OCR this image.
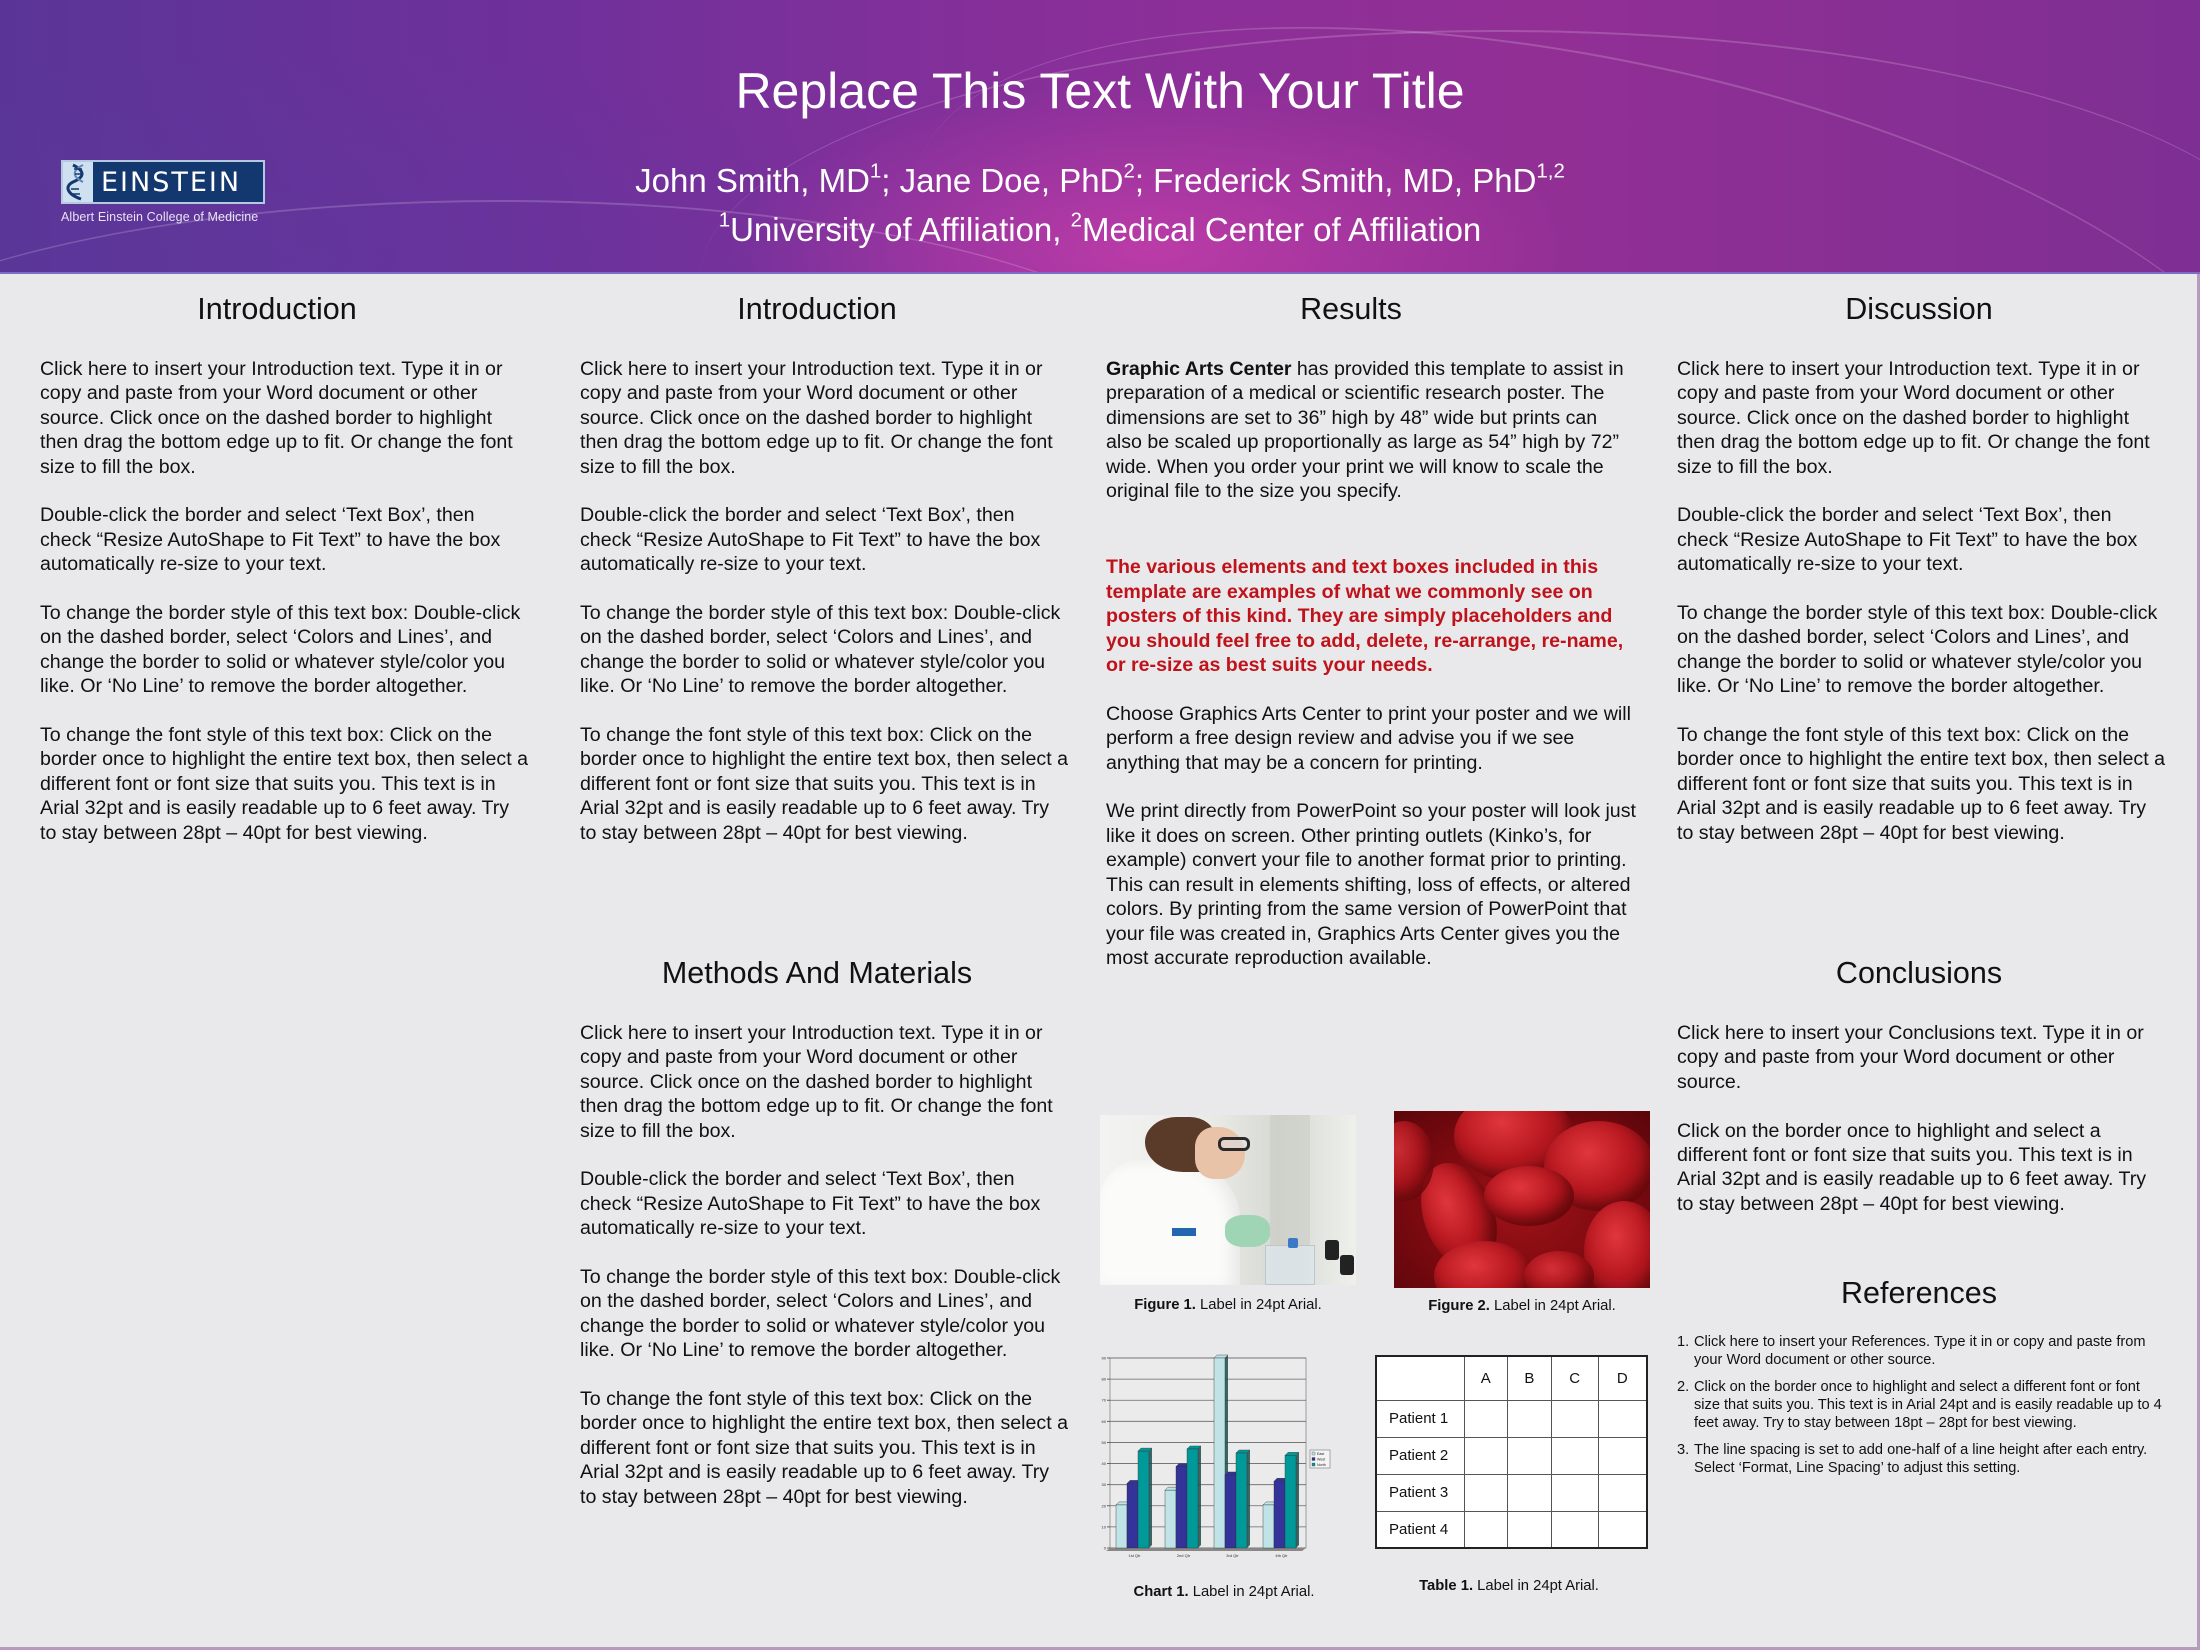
EINSTEIN
Albert Einstein College of Medicine
Replace This Text With Your Title
John Smith, $MD^1$; Jane Doe, PhD$^2$; Frederick Smith, MD, PhD$^{1,2}$
$^1$University of Affiliation, $^2$Medical Center of Affiliation
Introduction

Click here to insert your Introduction text. Type it in or copy and paste from your Word document or other source. Click once on the dashed border to highlight then drag the bottom edge up to fit. Or change the font size to fill the box.

Double-click the border and select ‘Text Box’, then check “Resize AutoShape to Fit Text” to have the box automatically re-size to your text.

To change the border style of this text box: Double-click on the dashed border, select ‘Colors and Lines’, and change the border to solid or whatever style/color you like. Or ‘No Line’ to remove the border altogether.

To change the font style of this text box: Click on the border once to highlight the entire text box, then select a different font or font size that suits you. This text is in Arial 32pt and is easily readable up to 6 feet away. Try to stay between 28pt – 40pt for best viewing.

Introduction

Click here to insert your Introduction text. Type it in or copy and paste from your Word document or other source. Click once on the dashed border to highlight then drag the bottom edge up to fit. Or change the font size to fill the box.

Double-click the border and select ‘Text Box’, then check “Resize AutoShape to Fit Text” to have the box automatically re-size to your text.

To change the border style of this text box: Double-click on the dashed border, select ‘Colors and Lines’, and change the border to solid or whatever style/color you like. Or ‘No Line’ to remove the border altogether.

To change the font style of this text box: Click on the border once to highlight the entire text box, then select a different font or font size that suits you. This text is in Arial 32pt and is easily readable up to 6 feet away. Try to stay between 28pt – 40pt for best viewing.

Methods And Materials

Click here to insert your Introduction text. Type it in or copy and paste from your Word document or other source. Click once on the dashed border to highlight then drag the bottom edge up to fit. Or change the font size to fill the box.

Double-click the border and select ‘Text Box’, then check “Resize AutoShape to Fit Text” to have the box automatically re-size to your text.

To change the border style of this text box: Double-click on the dashed border, select ‘Colors and Lines’, and change the border to solid or whatever style/color you like. Or ‘No Line’ to remove the border altogether.

To change the font style of this text box: Click on the border once to highlight the entire text box, then select a different font or font size that suits you. This text is in Arial 32pt and is easily readable up to 6 feet away. Try to stay between 28pt – 40pt for best viewing.

Results

Graphic Arts Center has provided this template to assist in preparation of a medical or scientific research poster. The dimensions are set to 36” high by 48” wide but prints can also be scaled up proportionally as large as 54” high by 72” wide. When you order your print we will know to scale the original file to the size you specify.

The various elements and text boxes included in this template are examples of what we commonly see on posters of this kind. They are simply placeholders and you should feel free to add, delete, re-arrange, re-name, or re-size as best suits your needs.

Choose Graphics Arts Center to print your poster and we will perform a free design review and advise you if we see anything that may be a concern for printing.

We print directly from PowerPoint so your poster will look just like it does on screen. Other printing outlets (Kinko’s, for example) convert your file to another format prior to printing. This can result in elements shifting, loss of effects, or altered colors. By printing from the same version of PowerPoint that your file was created in, Graphics Arts Center gives you the most accurate reproduction available.

Figure 1. Label in 24pt Arial.	Figure 2. Label in 24pt Arial.
0
10
20
30
40
50
60
70
80
90
1st Qtr	2nd Qtr	3rd Qtr	4th Qtr
East
West
North
Chart 1. Label in 24pt Arial.
	A	B	C	D
Patient 1				
Patient 2				
Patient 3				
Patient 4				
Table 1. Label in 24pt Arial.
Discussion

Click here to insert your Introduction text. Type it in or copy and paste from your Word document or other source. Click once on the dashed border to highlight then drag the bottom edge up to fit. Or change the font size to fill the box.

Double-click the border and select ‘Text Box’, then check “Resize AutoShape to Fit Text” to have the box automatically re-size to your text.

To change the border style of this text box: Double-click on the dashed border, select ‘Colors and Lines’, and change the border to solid or whatever style/color you like. Or ‘No Line’ to remove the border altogether.

To change the font style of this text box: Click on the border once to highlight the entire text box, then select a different font or font size that suits you. This text is in Arial 32pt and is easily readable up to 6 feet away. Try to stay between 28pt – 40pt for best viewing.

Conclusions

Click here to insert your Conclusions text. Type it in or copy and paste from your Word document or other source.

Click on the border once to highlight and select a different font or font size that suits you. This text is in Arial 32pt and is easily readable up to 6 feet away. Try to stay between 28pt – 40pt for best viewing.

References
1. Click here to insert your References. Type it in or copy and paste from your Word document or other source.
2. Click on the border once to highlight and select a different font or font size that suits you. This text is in Arial 24pt and is easily readable up to 4 feet away. Try to stay between 18pt – 28pt for best viewing.
3. The line spacing is set to add one-half of a line height after each entry. Select ‘Format, Line Spacing’ to adjust this setting.
